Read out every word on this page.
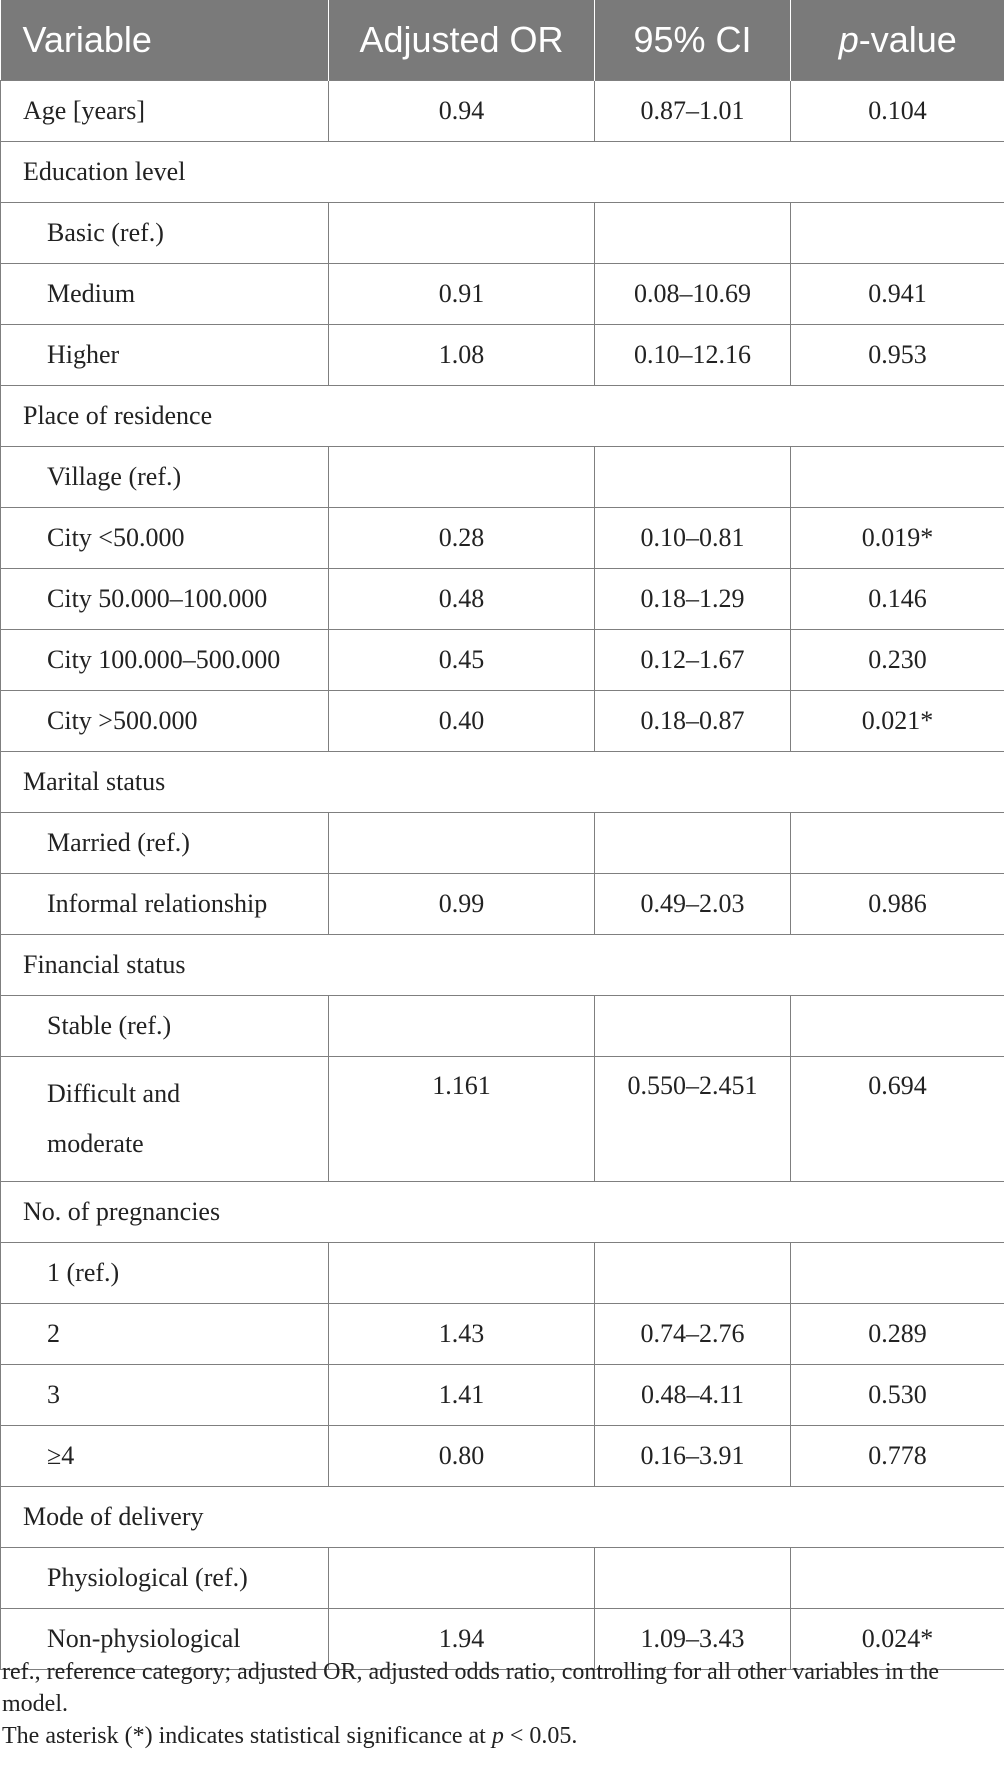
Variable	Adjusted OR	95% CI	p-value
Age [years]	0.94	0.87–1.01	0.104
Education level			
Basic (ref.)			
Medium	0.91	0.08–10.69	0.941
Higher	1.08	0.10–12.16	0.953
Place of residence			
Village (ref.)			
City <50.000	0.28	0.10–0.81	0.019*
City 50.000–100.000	0.48	0.18–1.29	0.146
City 100.000–500.000	0.45	0.12–1.67	0.230
City >500.000	0.40	0.18–0.87	0.021*
Marital status			
Married (ref.)			
Informal relationship	0.99	0.49–2.03	0.986
Financial status			
Stable (ref.)			
Difficult and
moderate	1.161	0.550–2.451	0.694
No. of pregnancies			
1 (ref.)			
2	1.43	0.74–2.76	0.289
3	1.41	0.48–4.11	0.530
≥4	0.80	0.16–3.91	0.778
Mode of delivery			
Physiological (ref.)			
Non-physiological	1.94	1.09–3.43	0.024*

ref., reference category; adjusted OR, adjusted odds ratio, controlling for all other variables in the model.

The asterisk (*) indicates statistical significance at p < 0.05.
